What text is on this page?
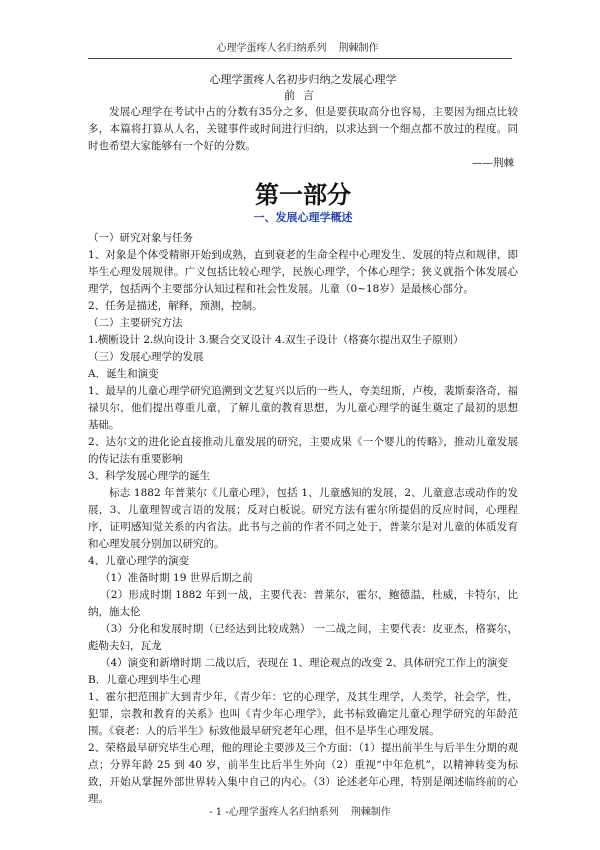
心理学蛋疼人名归纳系列 荆棘制作

心理学蛋疼人名初步归纳之发展心理学

前言

发展心理学在考试中占的分数有35分之多，但是要获取高分也容易，主要因为细点比较多，本篇将打算从人名，关键事件或时间进行归纳，以求达到一个细点都不放过的程度。同时也希望大家能够有一个好的分数。

——荆棘

第一部分

一、发展心理学概述

（一）研究对象与任务

1、对象是个体受精卵开始到成熟，直到衰老的生命全程中心理发生、发展的特点和规律，即毕生心理发展规律。广义包括比较心理学，民族心理学，个体心理学；狭义就指个体发展心理学，包括两个主要部分认知过程和社会性发展。儿童（0~18岁）是最核心部分。

2、任务是描述，解释，预测，控制。

（二）主要研究方法

1.横断设计 2.纵向设计 3.聚合交叉设计 4.双生子设计（格赛尔提出双生子原则）

（三）发展心理学的发展

A．诞生和演变

1、最早的儿童心理学研究追溯到文艺复兴以后的一些人，夸美纽斯，卢梭，裴斯泰洛奇，福禄贝尔，他们提出尊重儿童，了解儿童的教育思想，为儿童心理学的诞生奠定了最初的思想基础。

2、达尔文的进化论直接推动儿童发展的研究，主要成果《一个婴儿的传略》，推动儿童发展的传记法有重要影响

3、科学发展心理学的诞生

标志 1882 年普莱尔《儿童心理》，包括 1、儿童感知的发展，2、儿童意志或动作的发展，3、儿童理智或言语的发展；反对白板说。研究方法有霍尔所提倡的反应时间，心理程序，证明感知觉关系的内省法。此书与之前的作者不同之处于，普莱尔是对儿童的体质发育和心理发展分别加以研究的。

4、儿童心理学的演变

（1）准备时期 19 世界后期之前

（2）形成时期 1882 年到一战，主要代表：普莱尔，霍尔，鲍德温，杜威，卡特尔，比纳，施太伦

（3）分化和发展时期（已经达到比较成熟） 一二战之间，主要代表：皮亚杰，格赛尔，彪勒夫妇，瓦龙

（4）演变和新增时期 二战以后，表现在 1、理论观点的改变 2、具体研究工作上的演变

B．儿童心理到毕生心理

1、霍尔把范围扩大到青少年，《青少年：它的心理学，及其生理学，人类学，社会学，性，犯罪，宗教和教育的关系》也叫《青少年心理学》，此书标致确定儿童心理学研究的年龄范围。《衰老：人的后半生》标致他最早研究老年心理，但不是毕生心理发展。

2、荣格最早研究毕生心理，他的理论主要涉及三个方面：（1）提出前半生与后半生分期的观点；分界年龄 25 到 40 岁，前半生比后半生外向（2）重视“中年危机”，以精神转变为标致，开始从掌握外部世界转入集中自己的内心。（3）论述老年心理，特别是阐述临终前的心理。

- 1 -心理学蛋疼人名归纳系列 荆棘制作
